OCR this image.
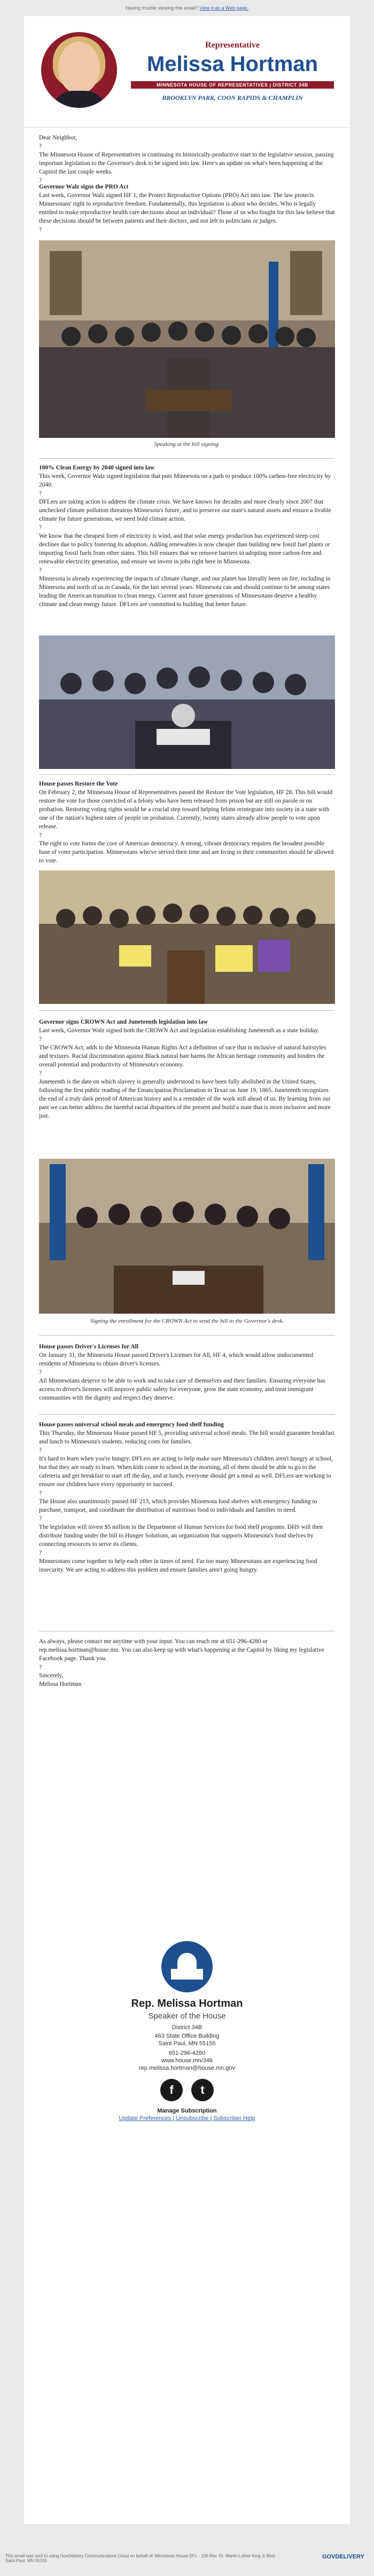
Having trouble viewing this email? View it as a Web page.
Representative
Melissa Hortman
MINNESOTA HOUSE OF REPRESENTATIVES | DISTRICT 34B
BROOKLYN PARK, COON RAPIDS & CHAMPLIN

Dear Neighbor,

?

The Minnesota House of Representatives is continuing its historically-productive start to the legislative session, passing important legislation to the Governor's desk to be signed into law. Here's an update on what's been happening at the Capitol the last couple weeks.

?

Governor Walz signs the PRO Act

Last week, Governor Walz signed HF 1, the Protect Reproductive Options (PRO) Act into law. The law protects Minnesotans' right to reproductive freedom. Fundamentally, this legislation is about who decides. Who is legally entitled to make reproductive health care decisions about an individual? Those of us who fought for this law believe that these decisions should be between patients and their doctors, and not left to politicians or judges.

?

Speaking at the bill signing.

100% Clean Energy by 2040 signed into law

This week, Governor Walz signed legislation that puts Minnesota on a path to produce 100% carbon-free electricity by 2040.

?

DFLers are taking action to address the climate crisis. We have known for decades and more clearly since 2007 that unchecked climate pollution threatens Minnesota's future, and to preserve our state's natural assets and ensure a livable climate for future generations, we need bold climate action.

?

We know that the cheapest form of electricity is wind, and that solar energy production has experienced steep cost declines due to policy fostering its adoption. Adding renewables is now cheaper than building new fossil fuel plants or importing fossil fuels from other states. This bill ensures that we remove barriers to adopting more carbon-free and renewable electricity generation, and ensure we invest in jobs right here in Minnesota.

?

Minnesota is already experiencing the impacts of climate change, and our planet has literally been on fire, including in Minnesota and north of us in Canada, for the last several years. Minnesota can and should continue to be among states leading the American transition to clean energy. Current and future generations of Minnesotans deserve a healthy climate and clean energy future. DFLers are committed to building that better future.

House passes Restore the Vote

On February 2, the Minnesota House of Representatives passed the Restore the Vote legislation, HF 28. This bill would restore the vote for those convicted of a felony who have been released from prison but are still on parole or on probation. Restoring voting rights would be a crucial step toward helping felons reintegrate into society in a state with one of the nation's highest rates of people on probation. Currently, twenty states already allow people to vote upon release.

?

The right to vote forms the core of American democracy. A strong, vibrant democracy requires the broadest possible base of voter participation. Minnesotans who've served their time and are living in their communities should be allowed to vote.

Governor signs CROWN Act and Juneteenth legislation into law

Last week, Governor Walz signed both the CROWN Act and legislation establishing Juneteenth as a state holiday.

?

The CROWN Act, adds to the Minnesota Human Rights Act a definition of race that is inclusive of natural hairstyles and textures. Racial discrimination against Black natural hair harms the African heritage community and hinders the overall potential and productivity of Minnesota's economy.

?

Juneteenth is the date on which slavery is generally understood to have been fully abolished in the United States, following the first public reading of the Emancipation Proclamation in Texas on June 19, 1865. Juneteenth recognizes the end of a truly dark period of American history and is a reminder of the work still ahead of us. By learning from our past we can better address the harmful racial disparities of the present and build a state that is more inclusive and more just.

Signing the enrollment for the CROWN Act to send the bill to the Governor's desk.

House passes Driver's Licenses for All

On January 31, the Minnesota House passed Driver's Licenses for All, HF 4, which would allow undocumented residents of Minnesota to obtain driver's licenses.

?

All Minnesotans deserve to be able to work and to take care of themselves and their families. Ensuring everyone has access to driver's licenses will improve public safety for everyone, grow the state economy, and treat immigrant communities with the dignity and respect they deserve.

House passes universal school meals and emergency food shelf funding

This Thursday, the Minnesota House passed HF 5, providing universal school meals. The bill would guarantee breakfast and lunch to Minnesota's students, reducing costs for families.

?

It's hard to learn when you're hungry. DFLers are acting to help make sure Minnesota's children aren't hungry at school, but that they are ready to learn. When kids come to school in the morning, all of them should be able to go to the cafeteria and get breakfast to start off the day, and at lunch, everyone should get a meal as well. DFLers are working to ensure our children have every opportunity to succeed.

?

The House also unanimously passed HF 213, which provides Minnesota food shelves with emergency funding to purchase, transport, and coordinate the distribution of nutritious food to individuals and families in need.

?

The legislation will invest $5 million in the Department of Human Services for food shelf programs. DHS will then distribute funding under the bill to Hunger Solutions, an organization that supports Minnesota's food shelves by connecting resources to serve its clients.

?

Minnesotans come together to help each other in times of need. Far too many Minnesotans are experiencing food insecurity. We are acting to address this problem and ensure families aren't going hungry.

As always, please contact me anytime with your input. You can reach me at 651-296-4280 or rep.melissa.hortman@house.mn. You can also keep up with what's happening at the Capitol by liking my legislative Facebook page. Thank you.

?

Sincerely,

Melissa Hortman

Rep. Melissa Hortman
Speaker of the House
District 34B
463 State Office Building
Saint Paul, MN 55155
651-296-4280
www.house.mn/34b
rep.melissa.hortman@house.mn.gov
f	t
Manage Subscription
Update Preferences | Unsubscribe | Subscriber Help
This email was sent to using GovDelivery Communications Cloud on behalf of: Minnesota House DFL · 100 Rev. Dr. Martin Luther King Jr Blvd · Saint Paul, MN 55155
GOVDELIVERY
